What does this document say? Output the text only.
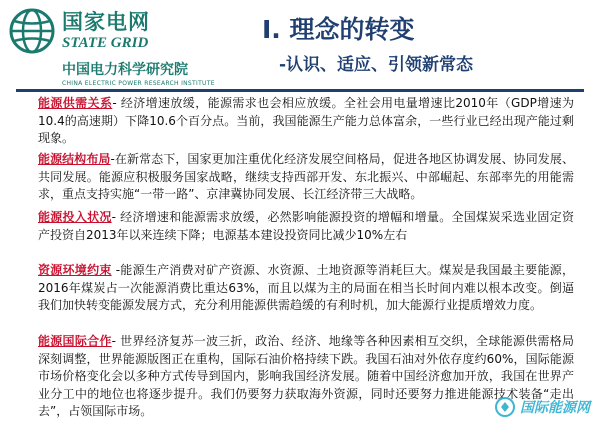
国家电网
STATE GRID
中国电力科学研究院
CHINA ELECTRIC POWER RESEARCH INSTITUTE
I. 理念的转变
-认识、适应、引领新常态
能源供需关系- 经济增速放缓，能源需求也会相应放缓。全社会用电量增速比2010年（GDP增速为10.4的高速期）下降10.6个百分点。当前，我国能源生产能力总体富余，一些行业已经出现产能过剩现象。
能源结构布局-在新常态下，国家更加注重优化经济发展空间格局，促进各地区协调发展、协同发展、共同发展。能源应积极服务国家战略，继续支持西部开发、东北振兴、中部崛起、东部率先的用能需求，重点支持实施“一带一路”、京津冀协同发展、长江经济带三大战略。
能源投入状况- 经济增速和能源需求放缓，必然影响能源投资的增幅和增量。全国煤炭采选业固定资产投资自2013年以来连续下降；电源基本建设投资同比减少10%左右
资源环境约束 -能源生产消费对矿产资源、水资源、土地资源等消耗巨大。煤炭是我国最主要能源，2016年煤炭占一次能源消费比重达63%，而且以煤为主的局面在相当长时间内难以根本改变。倒逼我们加快转变能源发展方式，充分利用能源供需趋缓的有利时机，加大能源行业提质增效力度。
能源国际合作- 世界经济复苏一波三折，政治、经济、地缘等各种因素相互交织，全球能源供需格局深刻调整，世界能源版图正在重构，国际石油价格持续下跌。我国石油对外依存度约60%，国际能源市场价格变化会以多种方式传导到国内，影响我国经济发展。随着中国经济愈加开放，我国在世界产业分工中的地位也将逐步提升。我们仍要努力获取海外资源，同时还要努力推进能源技术装备“走出去”，占领国际市场。	国际能源网
